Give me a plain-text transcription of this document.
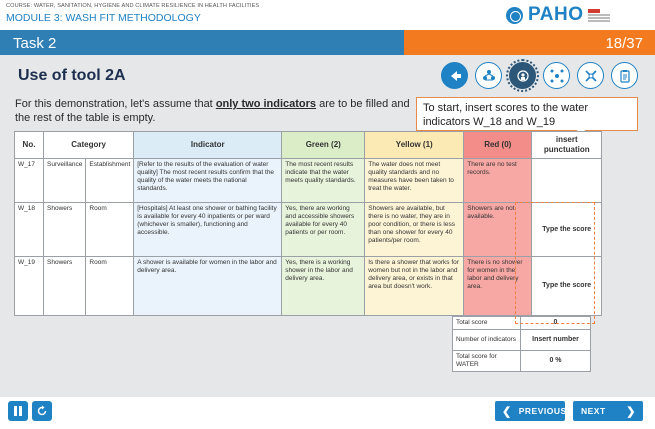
COURSE: WATER, SANITATION, HYGIENE AND CLIMATE RESILIENCE IN HEALTH FACILITIES
MODULE 3: WASH FIT METHODOLOGY	PAHO
Task 2	18/37
Use of tool 2A
For this demonstration, let's assume that only two indicators are to be filled and the rest of the table is empty.
To start, insert scores to the water indicators W_18 and W_19
No.	Category		Indicator	Green (2)	Yellow (1)	Red (0)	insert punctuation
W_17	Surveillance	Establishment	[Refer to the results of the evaluation of water quality] The most recent results confirm that the quality of the water meets the national standards.	The most recent results indicate that the water meets quality standards.	The water does not meet quality standards and no measures have been taken to treat the water.	There are no test records.	
W_18	Showers	Room	[Hospitals] At least one shower or bathing facility is available for every 40 inpatients or per ward (whichever is smaller), functioning and accessible.	Yes, there are working and accessible showers available for every 40 patients or per room.	Showers are available, but there is no water, they are in poor condition, or there is less than one shower for every 40 patients/per room.	Showers are not available.	Type the score
W_19	Showers	Room	A shower is available for women in the labor and delivery area.	Yes, there is a working shower in the labor and delivery area.	Is there a shower that works for women but not in the labor and delivery area, or exists in that area but doesn't work.	There is no shower for women in the labor and delivery area.	Type the score
Total score	0
Number of indicators	Insert number
Total score for WATER	0 %
❮ PREVIOUS NEXT	❯
